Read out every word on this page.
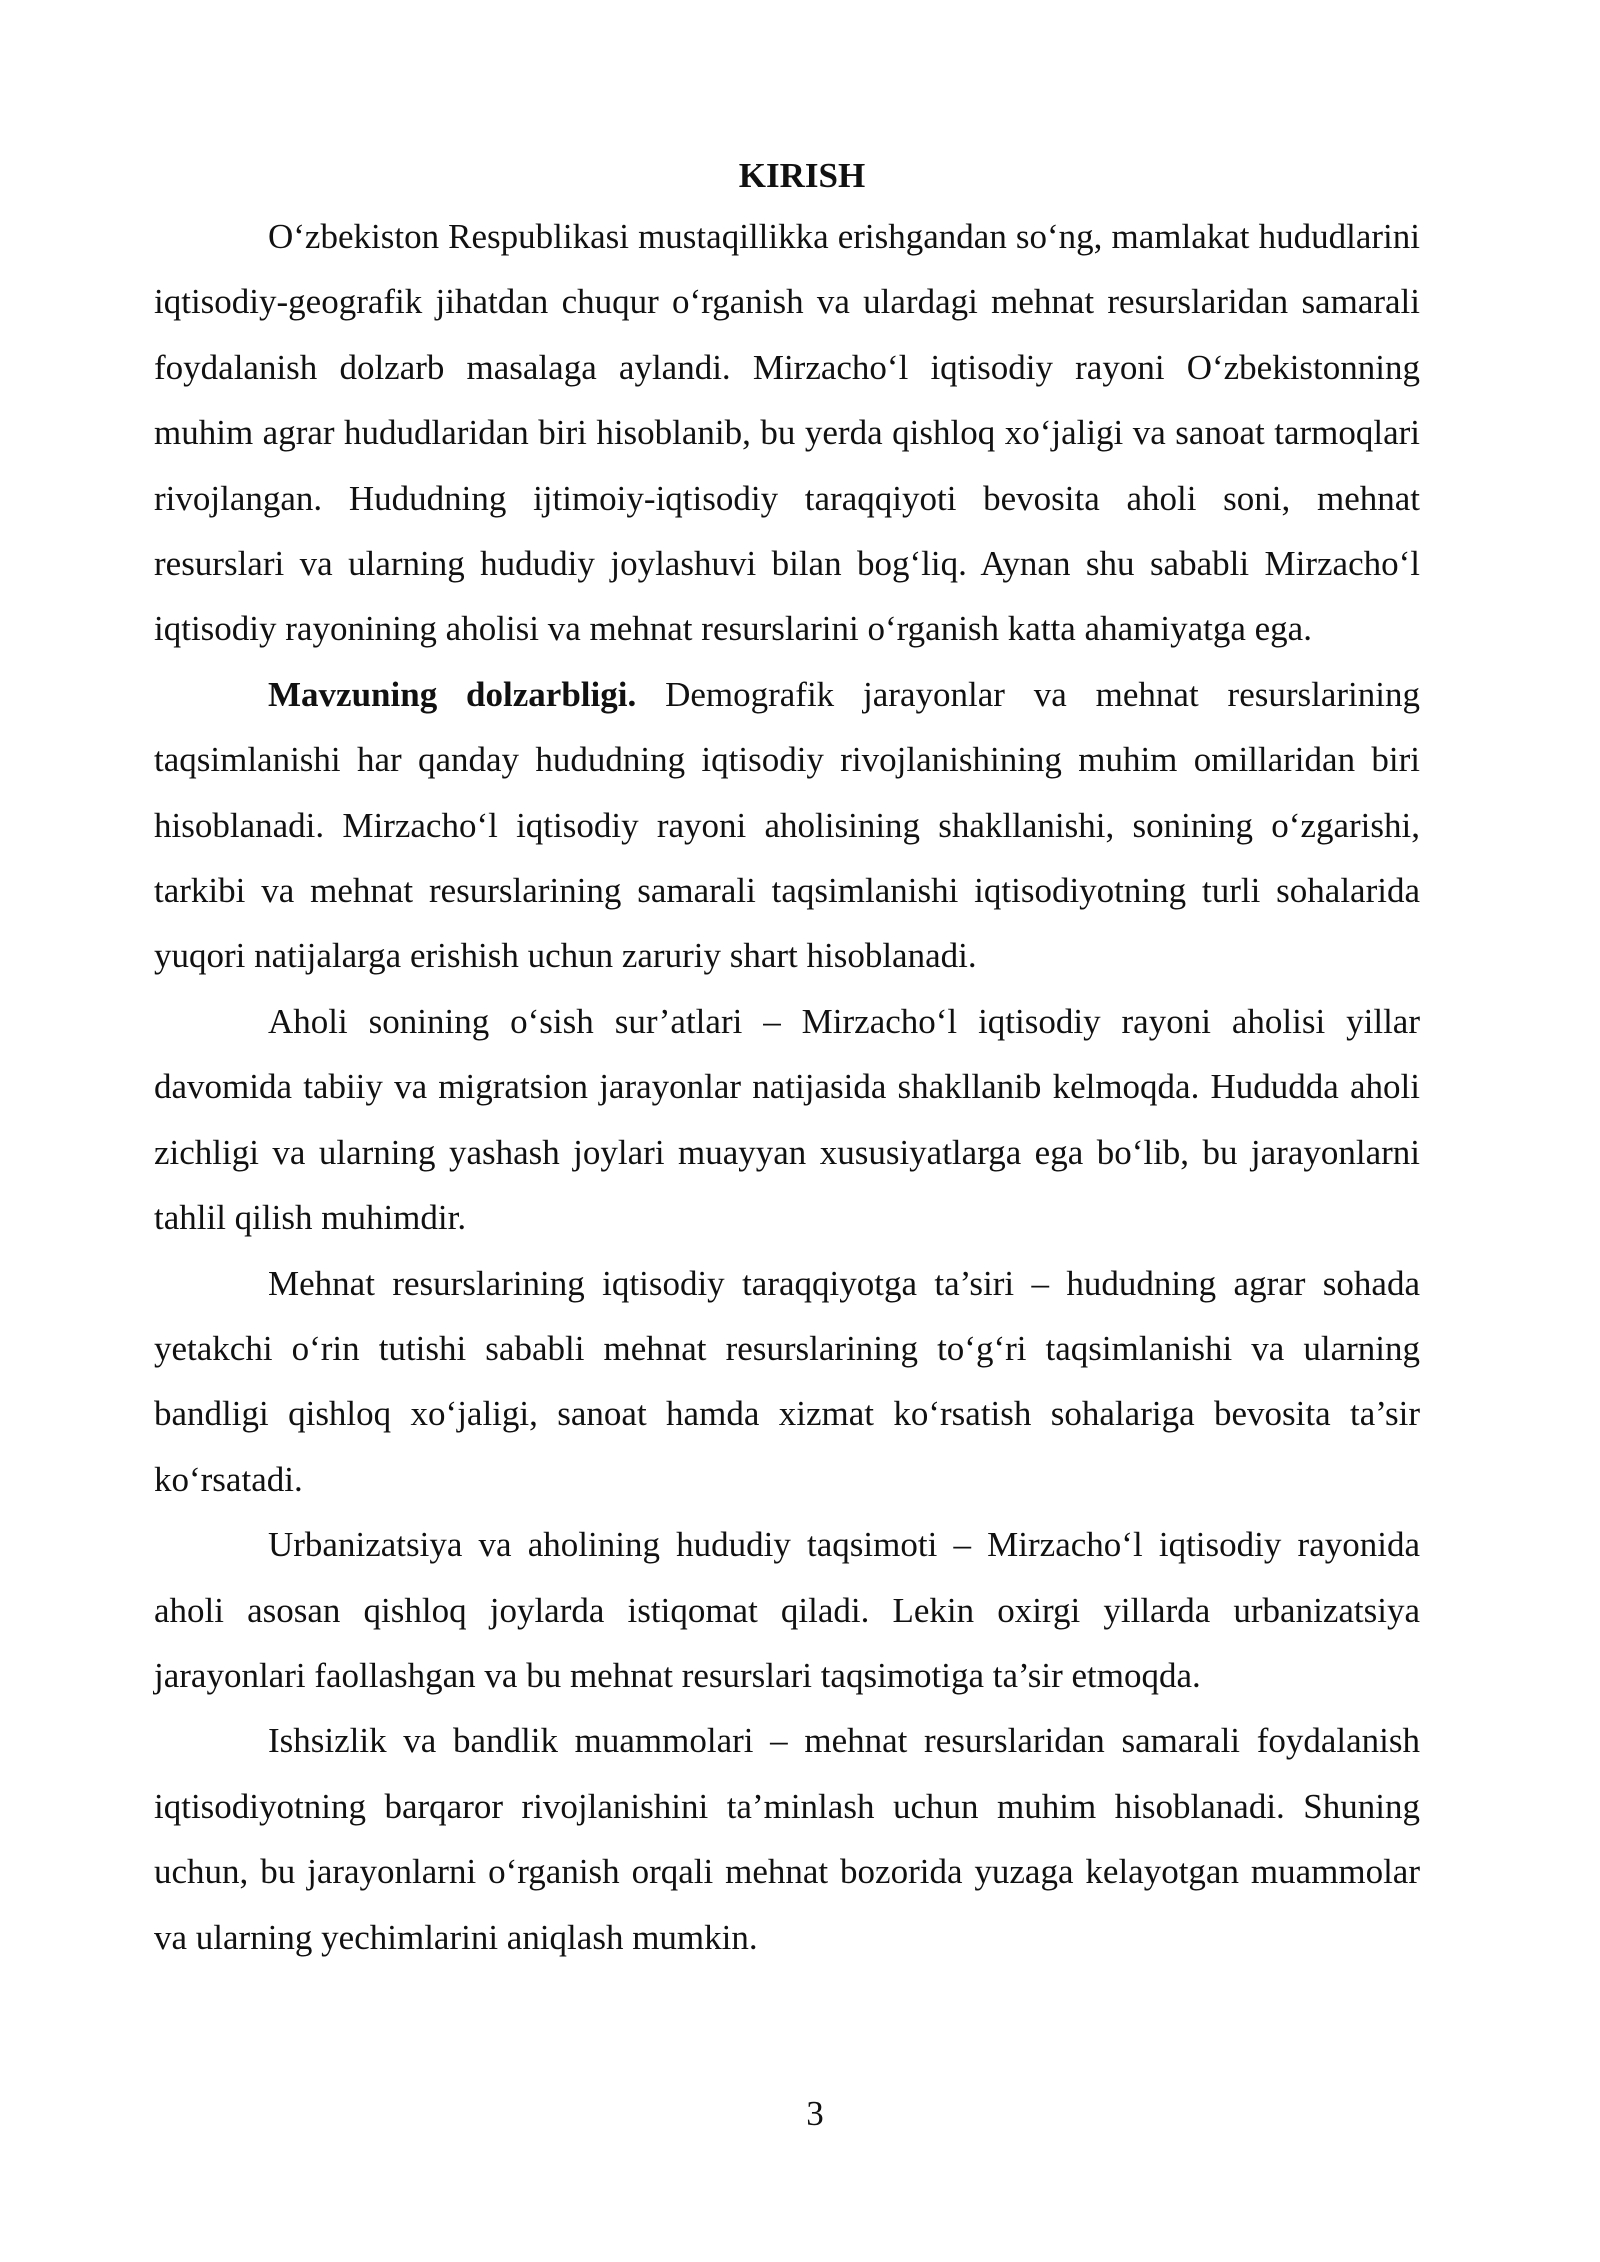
KIRISH

O‘zbekiston Respublikasi mustaqillikka erishgandan so‘ng, mamlakat hududlarini iqtisodiy-geografik jihatdan chuqur o‘rganish va ulardagi mehnat resurslaridan samarali foydalanish dolzarb masalaga aylandi. Mirzacho‘l iqtisodiy rayoni O‘zbekistonning muhim agrar hududlaridan biri hisoblanib, bu yerda qishloq xo‘jaligi va sanoat tarmoqlari rivojlangan. Hududning ijtimoiy-iqtisodiy taraqqiyoti bevosita aholi soni, mehnat resurslari va ularning hududiy joylashuvi bilan bog‘liq. Aynan shu sababli Mirzacho‘l iqtisodiy rayonining aholisi va mehnat resurslarini o‘rganish katta ahamiyatga ega.

Mavzuning dolzarbligi. Demografik jarayonlar va mehnat resurslarining taqsimlanishi har qanday hududning iqtisodiy rivojlanishining muhim omillaridan biri hisoblanadi. Mirzacho‘l iqtisodiy rayoni aholisining shakllanishi, sonining o‘zgarishi, tarkibi va mehnat resurslarining samarali taqsimlanishi iqtisodiyotning turli sohalarida yuqori natijalarga erishish uchun zaruriy shart hisoblanadi.

Aholi sonining o‘sish sur’atlari – Mirzacho‘l iqtisodiy rayoni aholisi yillar davomida tabiiy va migratsion jarayonlar natijasida shakllanib kelmoqda. Hududda aholi zichligi va ularning yashash joylari muayyan xususiyatlarga ega bo‘lib, bu jarayonlarni tahlil qilish muhimdir.

Mehnat resurslarining iqtisodiy taraqqiyotga ta’siri – hududning agrar sohada yetakchi o‘rin tutishi sababli mehnat resurslarining to‘g‘ri taqsimlanishi va ularning bandligi qishloq xo‘jaligi, sanoat hamda xizmat ko‘rsatish sohalariga bevosita ta’sir ko‘rsatadi.

Urbanizatsiya va aholining hududiy taqsimoti – Mirzacho‘l iqtisodiy rayonida aholi asosan qishloq joylarda istiqomat qiladi. Lekin oxirgi yillarda urbanizatsiya jarayonlari faollashgan va bu mehnat resurslari taqsimotiga ta’sir etmoqda.

Ishsizlik va bandlik muammolari – mehnat resurslaridan samarali foydalanish iqtisodiyotning barqaror rivojlanishini ta’minlash uchun muhim hisoblanadi. Shuning uchun, bu jarayonlarni o‘rganish orqali mehnat bozorida yuzaga kelayotgan muammolar va ularning yechimlarini aniqlash mumkin.

3
